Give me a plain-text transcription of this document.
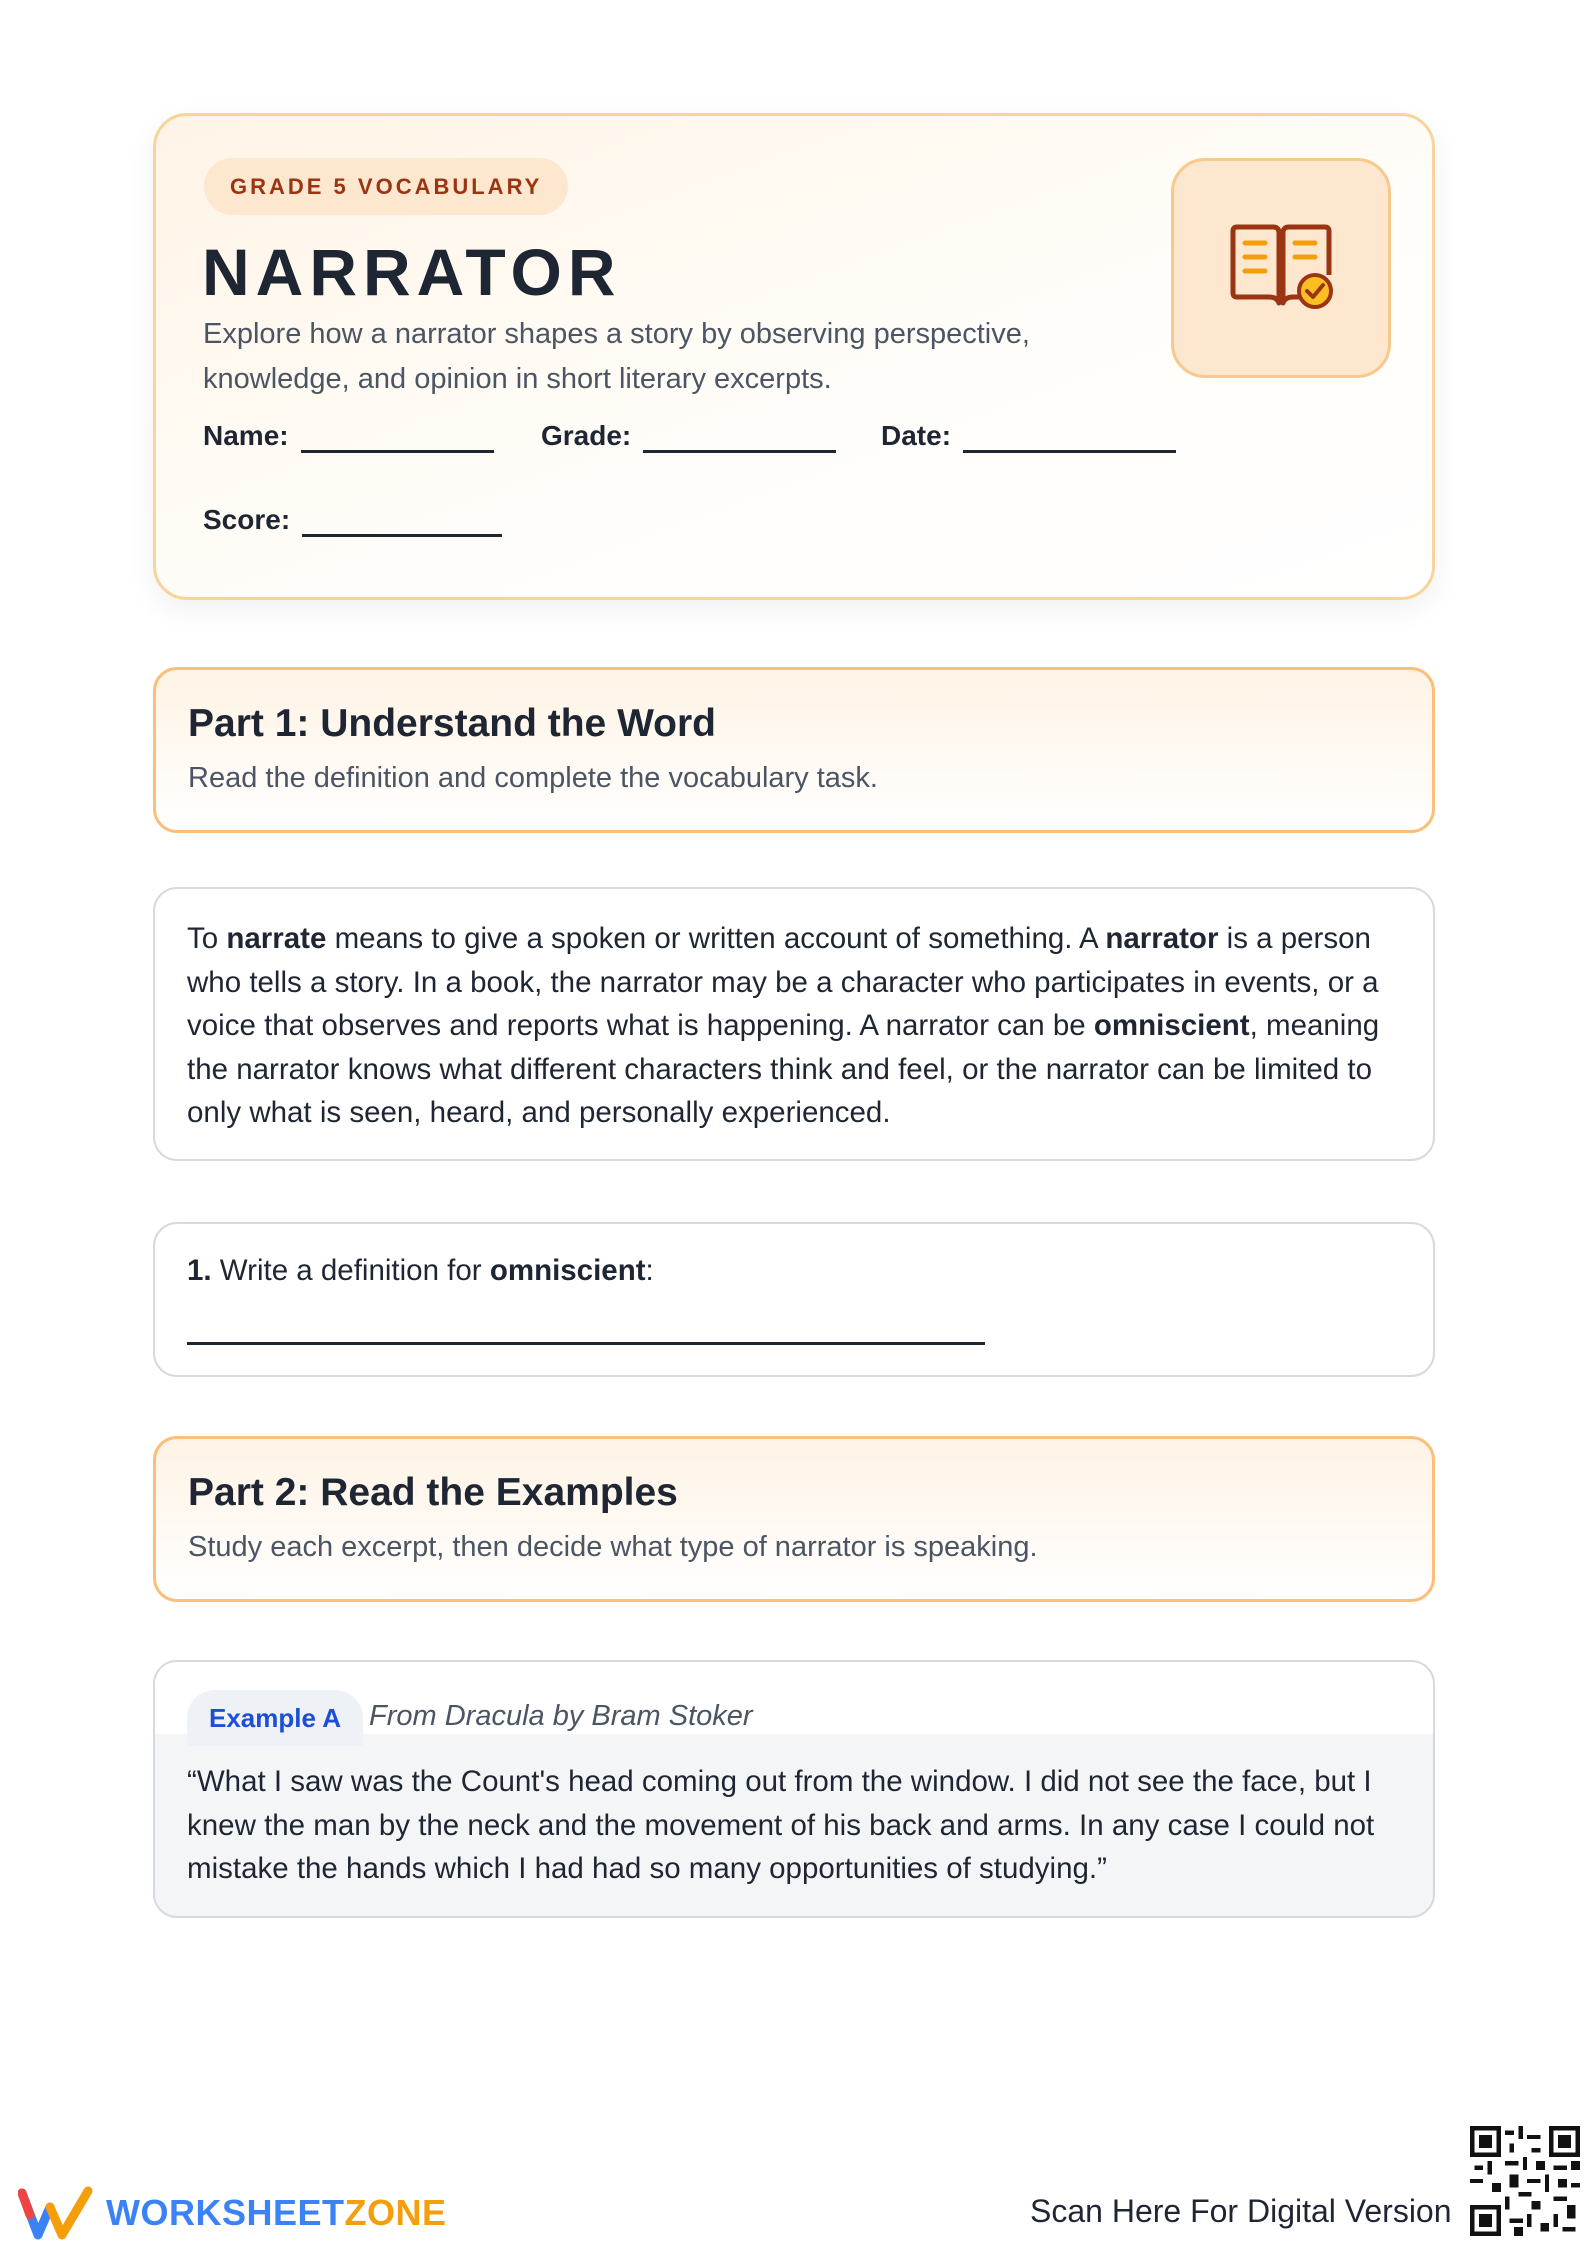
GRADE 5 VOCABULARY
NARRATOR

Explore how a narrator shapes a story by observing perspective, knowledge, and opinion in short literary excerpts.

Name:	Grade:	Date:
Score:
Part 1: Understand the Word

Read the definition and complete the vocabulary task.

To narrate means to give a spoken or written account of something. A narrator is a person who tells a story. In a book, the narrator may be a character who participates in events, or a voice that observes and reports what is happening. A narrator can be omniscient, meaning the narrator knows what different characters think and feel, or the narrator can be limited to only what is seen, heard, and personally experienced.

1. Write a definition for omniscient:
Part 2: Read the Examples

Study each excerpt, then decide what type of narrator is speaking.

Example A From Dracula by Bram Stoker

“What I saw was the Count's head coming out from the window. I did not see the face, but I knew the man by the neck and the movement of his back and arms. In any case I could not mistake the hands which I had had so many opportunities of studying.”

WORKSHEETZONE	Scan Here For Digital Version
